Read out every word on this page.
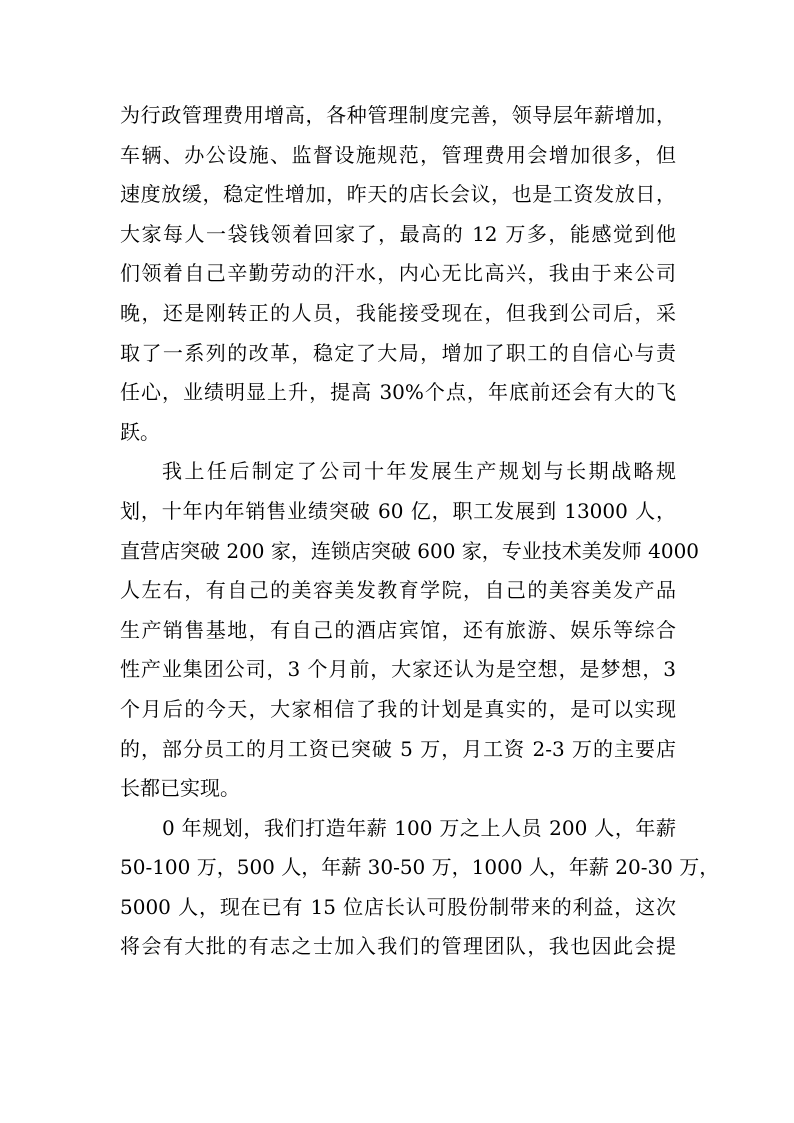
为行政管理费用增高，各种管理制度完善，领导层年薪增加，
车辆、办公设施、监督设施规范，管理费用会增加很多，但
速度放缓，稳定性增加，昨天的店长会议，也是工资发放日，
大家每人一袋钱领着回家了，最高的 12 万多，能感觉到他
们领着自己辛勤劳动的汗水，内心无比高兴，我由于来公司
晚，还是刚转正的人员，我能接受现在，但我到公司后，采
取了一系列的改革，稳定了大局，增加了职工的自信心与责
任心，业绩明显上升，提高 30%个点，年底前还会有大的飞
跃。
我上任后制定了公司十年发展生产规划与长期战略规
划，十年内年销售业绩突破 60 亿，职工发展到 13000 人，
直营店突破 200 家，连锁店突破 600 家，专业技术美发师 4000
人左右，有自己的美容美发教育学院，自己的美容美发产品
生产销售基地，有自己的酒店宾馆，还有旅游、娱乐等综合
性产业集团公司，3 个月前，大家还认为是空想，是梦想，3
个月后的今天，大家相信了我的计划是真实的，是可以实现
的，部分员工的月工资已突破 5 万，月工资 2-3 万的主要店
长都已实现。
0 年规划，我们打造年薪 100 万之上人员 200 人，年薪
50-100 万，500 人，年薪 30-50 万，1000 人，年薪 20-30 万，
5000 人，现在已有 15 位店长认可股份制带来的利益，这次
将会有大批的有志之士加入我们的管理团队，我也因此会提
